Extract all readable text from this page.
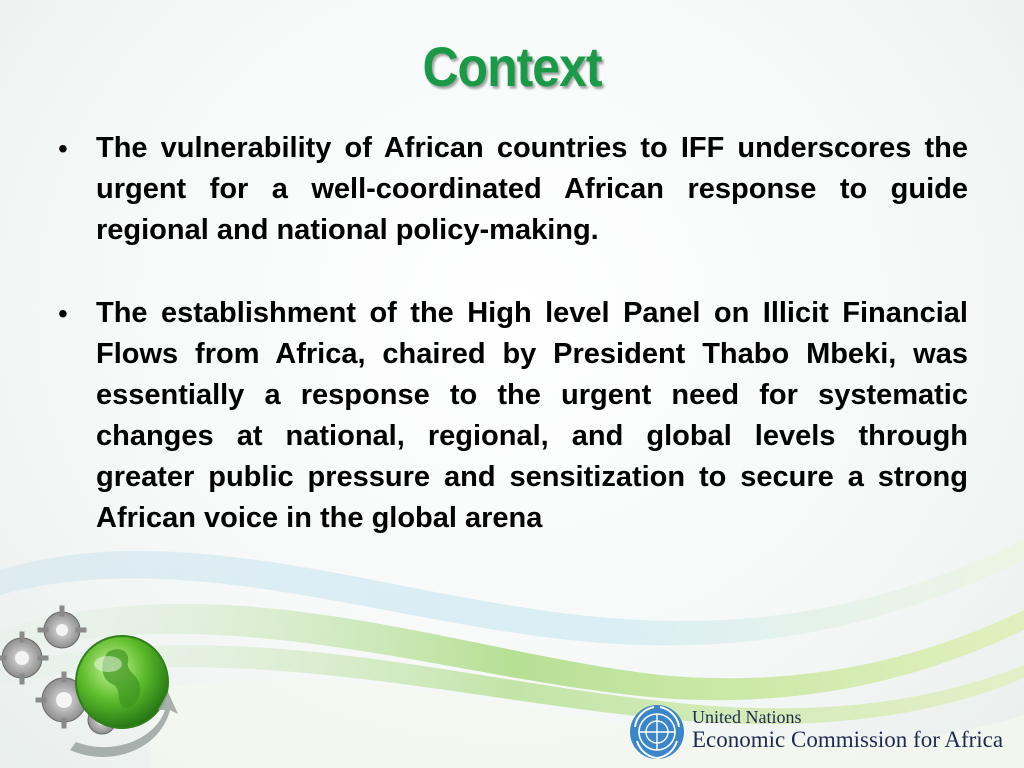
Context
• The vulnerability of African countries to IFF underscores the urgent for a well-coordinated African response to guide regional and national policy-making.
• The establishment of the High level Panel on Illicit Financial Flows from Africa, chaired by President Thabo Mbeki, was essentially a response to the urgent need for systematic changes at national, regional, and global levels through greater public pressure and sensitization to secure a strong African voice in the global arena
United Nations
Economic Commission for Africa
